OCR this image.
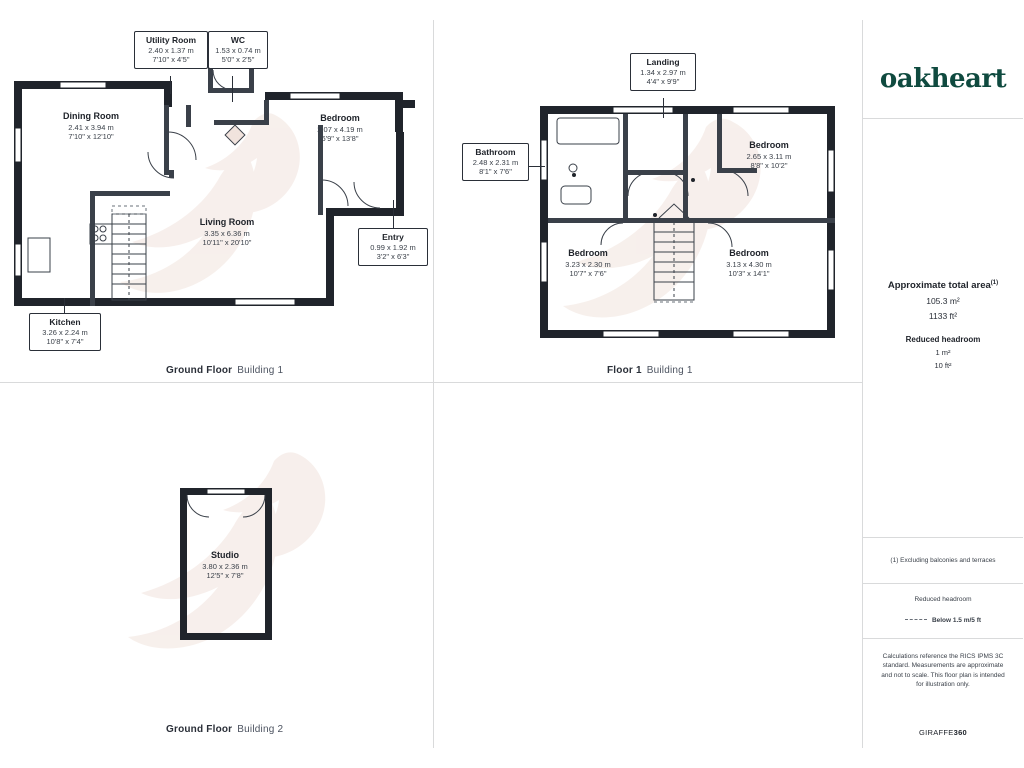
Utility Room
2.40 x 1.37 m
7'10" x 4'5"
WC
1.53 x 0.74 m
5'0" x 2'5"
Dining Room
2.41 x 3.94 m
7'10" x 12'10"
Bedroom
2.07 x 4.19 m
6'9" x 13'8"
Living Room
3.35 x 6.36 m
10'11" x 20'10"
Entry
0.99 x 1.92 m
3'2" x 6'3"
Kitchen
3.26 x 2.24 m
10'8" x 7'4"
Ground Floor Building 1
Landing
1.34 x 2.97 m
4'4" x 9'9"
Bathroom
2.48 x 2.31 m
8'1" x 7'6"
Bedroom
2.65 x 3.11 m
8'8" x 10'2"
Bedroom
3.23 x 2.30 m
10'7" x 7'6"
Bedroom
3.13 x 4.30 m
10'3" x 14'1"
Floor 1 Building 1
Studio
3.80 x 2.36 m
12'5" x 7'8"
Ground Floor Building 2
oakheart
Approximate total area$^{(1)}$
105.3 m²
1133 ft²
Reduced headroom
1 m²
10 ft²
(1) Excluding balconies and terraces
Reduced headroom
Below 1.5 m/5 ft
Calculations reference the RICS IPMS 3C standard. Measurements are approximate and not to scale. This floor plan is intended for illustration only.
GIRAFFE360
